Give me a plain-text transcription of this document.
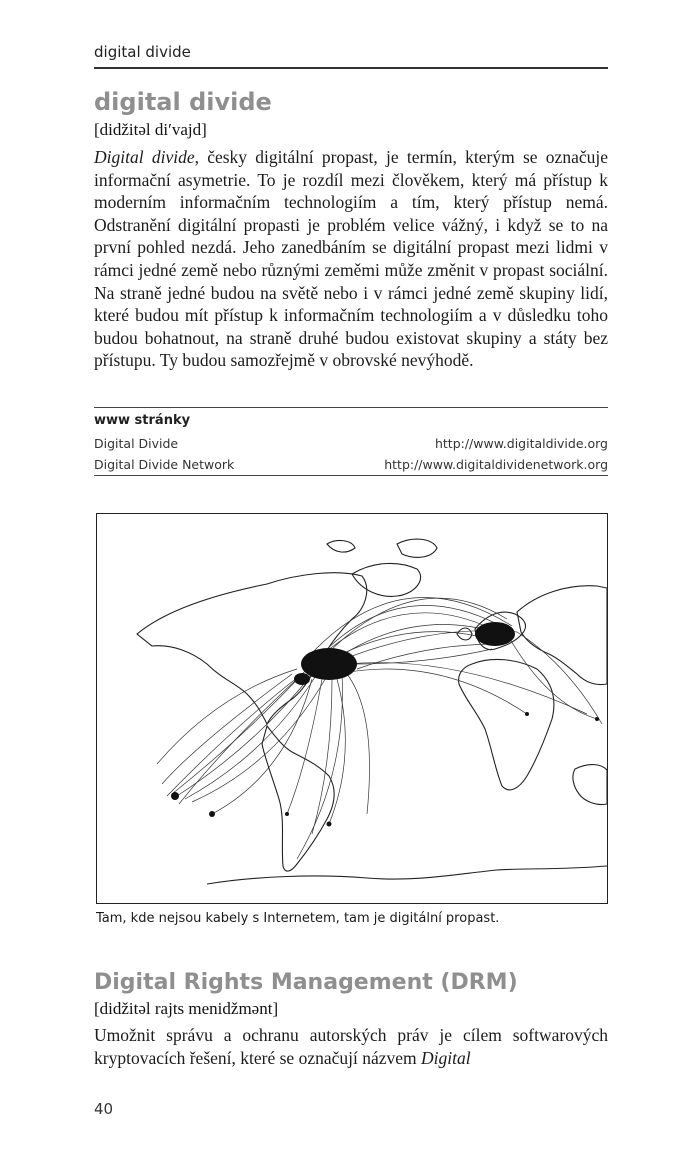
digital divide
digital divide
[didžitəl di′vajd]

Digital divide, česky digitální propast, je termín, kterým se označuje informační asymetrie. To je rozdíl mezi člověkem, který má přístup k moderním informačním technologiím a tím, který přístup nemá. Odstranění digitální propasti je problém velice vážný, i když se to na první pohled nezdá. Jeho zanedbáním se digitální propast mezi lidmi v rámci jedné země nebo různými zeměmi může změnit v propast sociální. Na straně jedné budou na světě nebo i v rámci jedné země skupiny lidí, které budou mít přístup k informačním technologiím a v důsledku toho budou bohatnout, na straně druhé budou existovat skupiny a státy bez přístupu. Ty budou samozřejmě v obrovské nevýhodě.

www stránky
Digital Divide	http://www.digitaldivide.org
Digital Divide Network	http://www.digitaldividenetwork.org
Tam, kde nejsou kabely s Internetem, tam je digitální propast.
Digital Rights Management (DRM)
[didžitəl rajts menidžmənt]

Umožnit správu a ochranu autorských práv je cílem softwarových kryptovacích řešení, které se označují názvem Digital

40
